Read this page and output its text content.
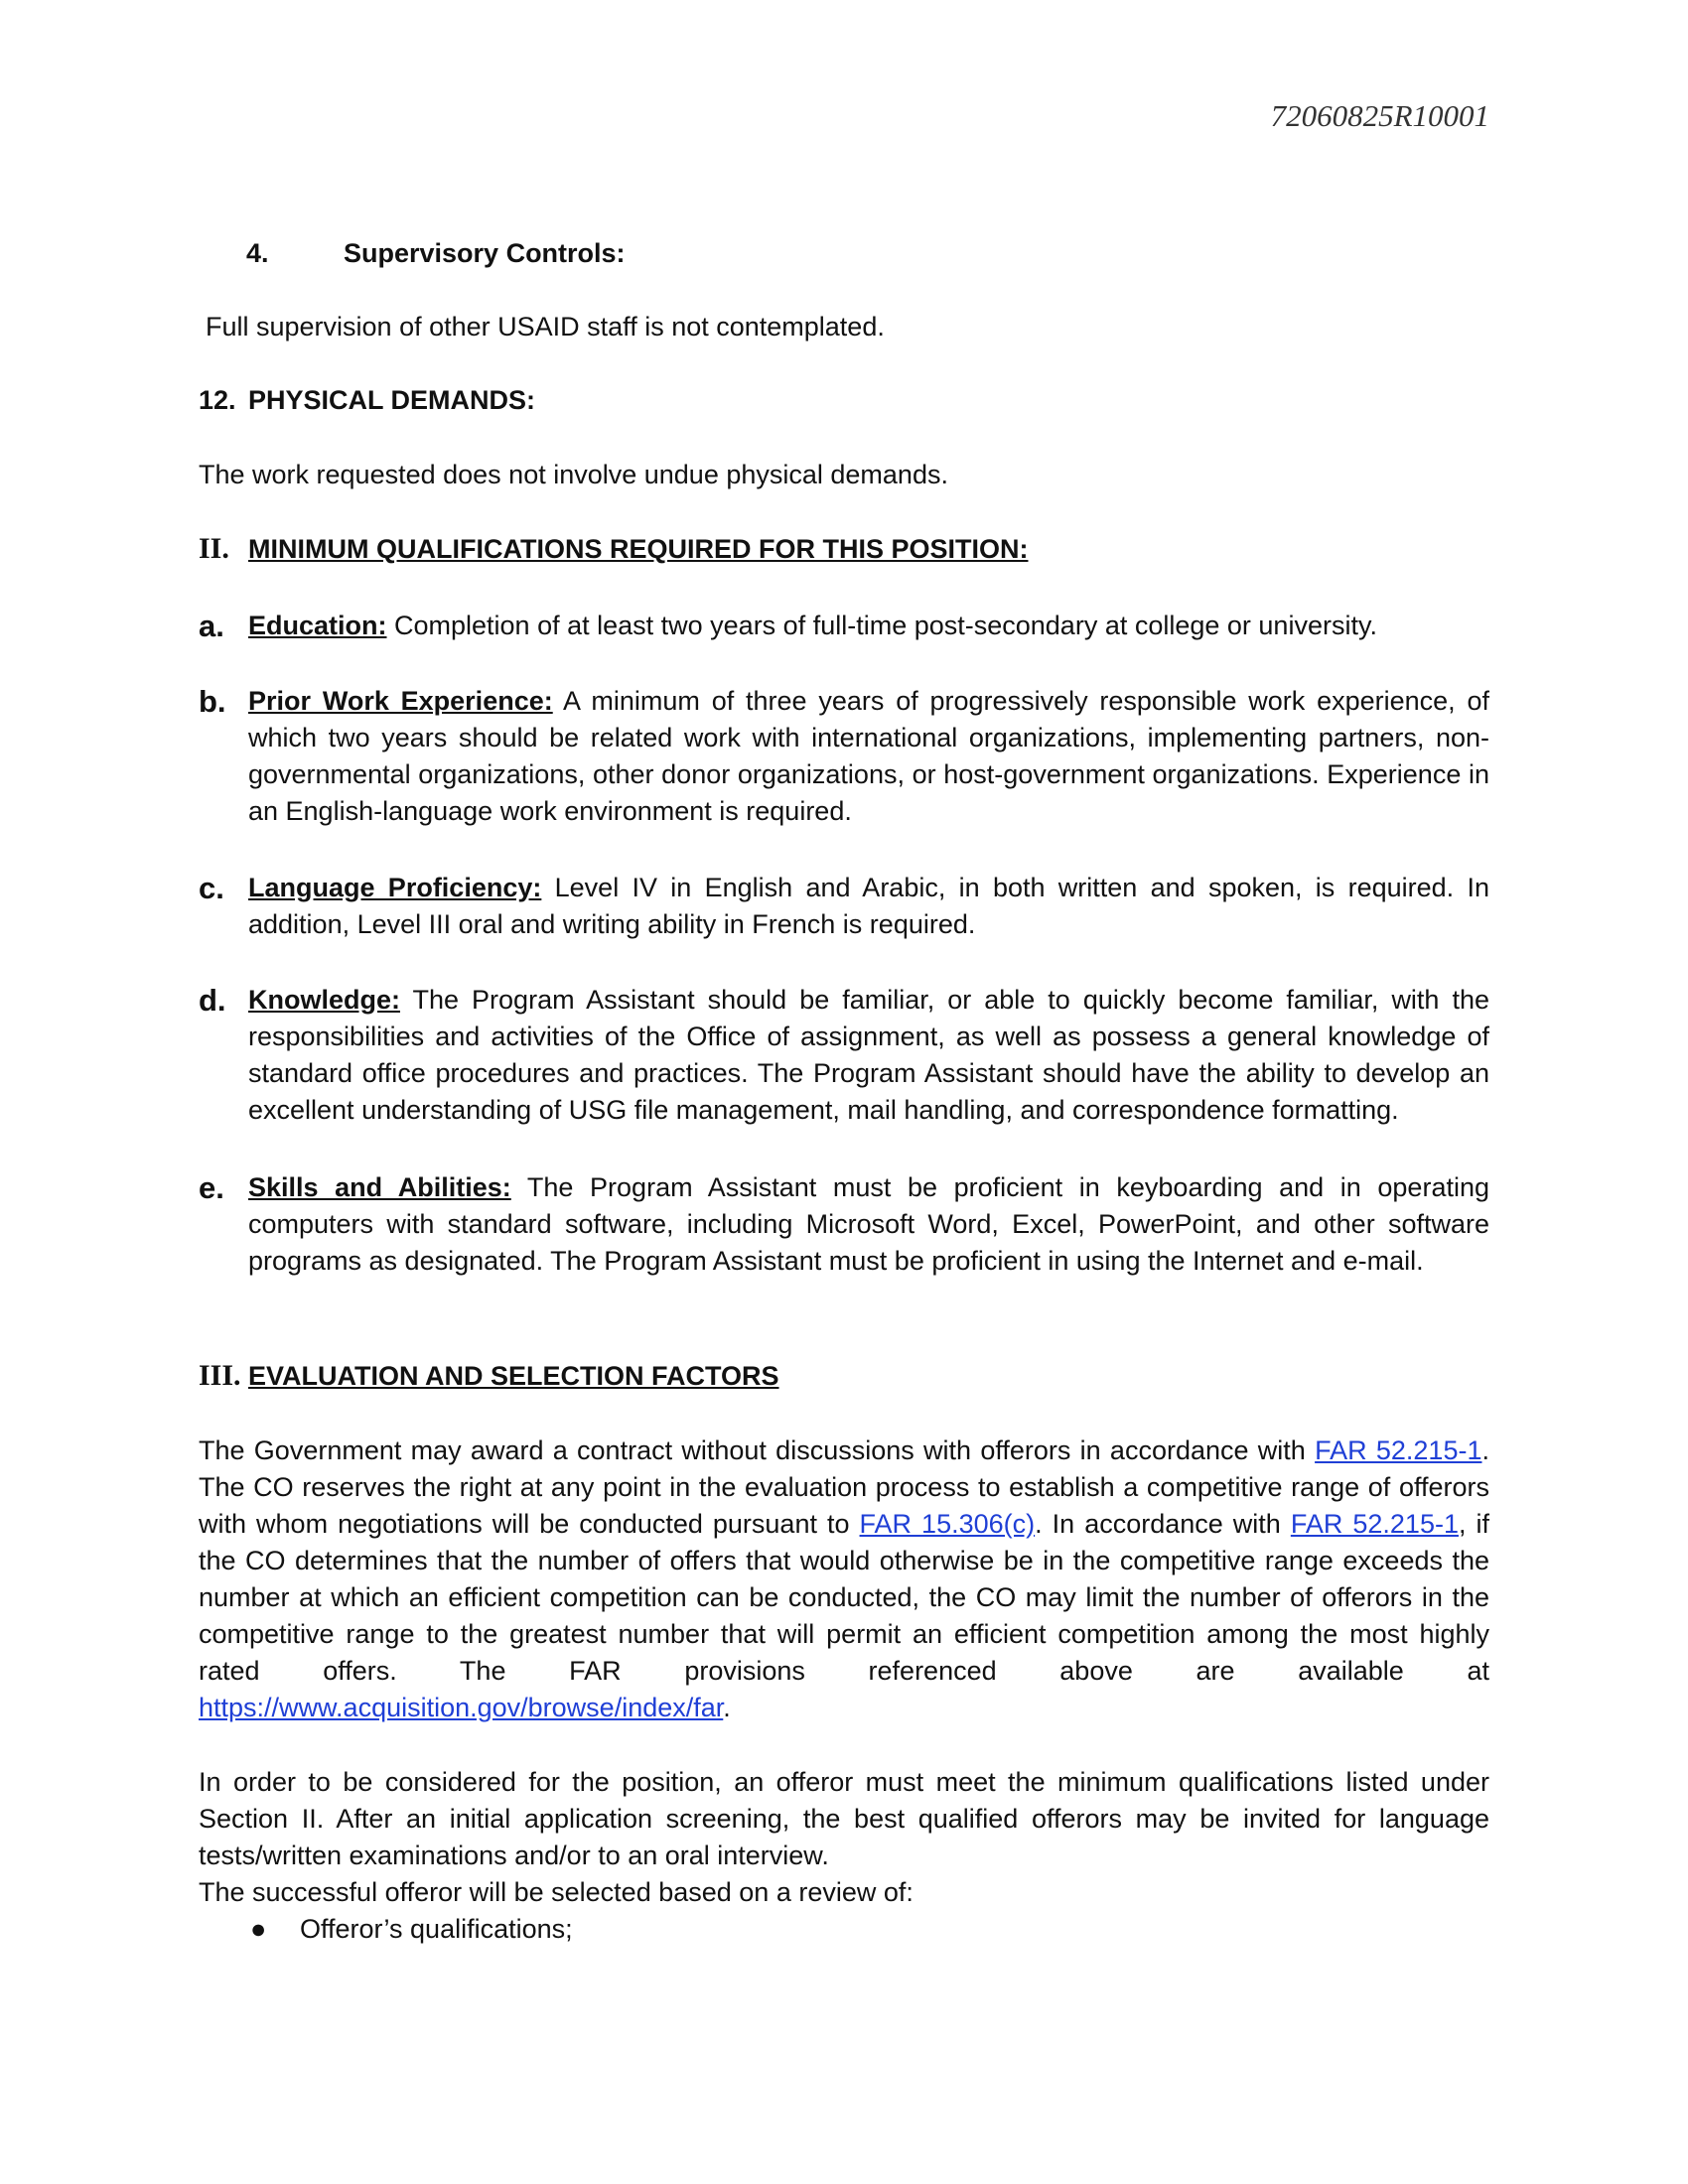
72060825R10001
4.	Supervisory Controls:
Full supervision of other USAID staff is not contemplated.
12. PHYSICAL DEMANDS:
The work requested does not involve undue physical demands.
II. MINIMUM QUALIFICATIONS REQUIRED FOR THIS POSITION:
a. Education: Completion of at least two years of full-time post-secondary at college or university.
b. Prior Work Experience: A minimum of three years of progressively responsible work experience, of which two years should be related work with international organizations, implementing partners, non-governmental organizations, other donor organizations, or host-government organizations. Experience in an English-language work environment is required.
c. Language Proficiency: Level IV in English and Arabic, in both written and spoken, is required. In addition, Level III oral and writing ability in French is required.
d. Knowledge: The Program Assistant should be familiar, or able to quickly become familiar, with the responsibilities and activities of the Office of assignment, as well as possess a general knowledge of standard office procedures and practices. The Program Assistant should have the ability to develop an excellent understanding of USG file management, mail handling, and correspondence formatting.
e. Skills and Abilities: The Program Assistant must be proficient in keyboarding and in operating computers with standard software, including Microsoft Word, Excel, PowerPoint, and other software programs as designated. The Program Assistant must be proficient in using the Internet and e-mail.
III. EVALUATION AND SELECTION FACTORS
The Government may award a contract without discussions with offerors in accordance with FAR 52.215-1. The CO reserves the right at any point in the evaluation process to establish a competitive range of offerors with whom negotiations will be conducted pursuant to FAR 15.306(c). In accordance with FAR 52.215-1, if the CO determines that the number of offers that would otherwise be in the competitive range exceeds the number at which an efficient competition can be conducted, the CO may limit the number of offerors in the competitive range to the greatest number that will permit an efficient competition among the most highly rated offers. The FAR provisions referenced above are available at https://www.acquisition.gov/browse/index/far.
In order to be considered for the position, an offeror must meet the minimum qualifications listed under Section II. After an initial application screening, the best qualified offerors may be invited for language tests/written examinations and/or to an oral interview.
The successful offeror will be selected based on a review of:
● Offeror’s qualifications;
